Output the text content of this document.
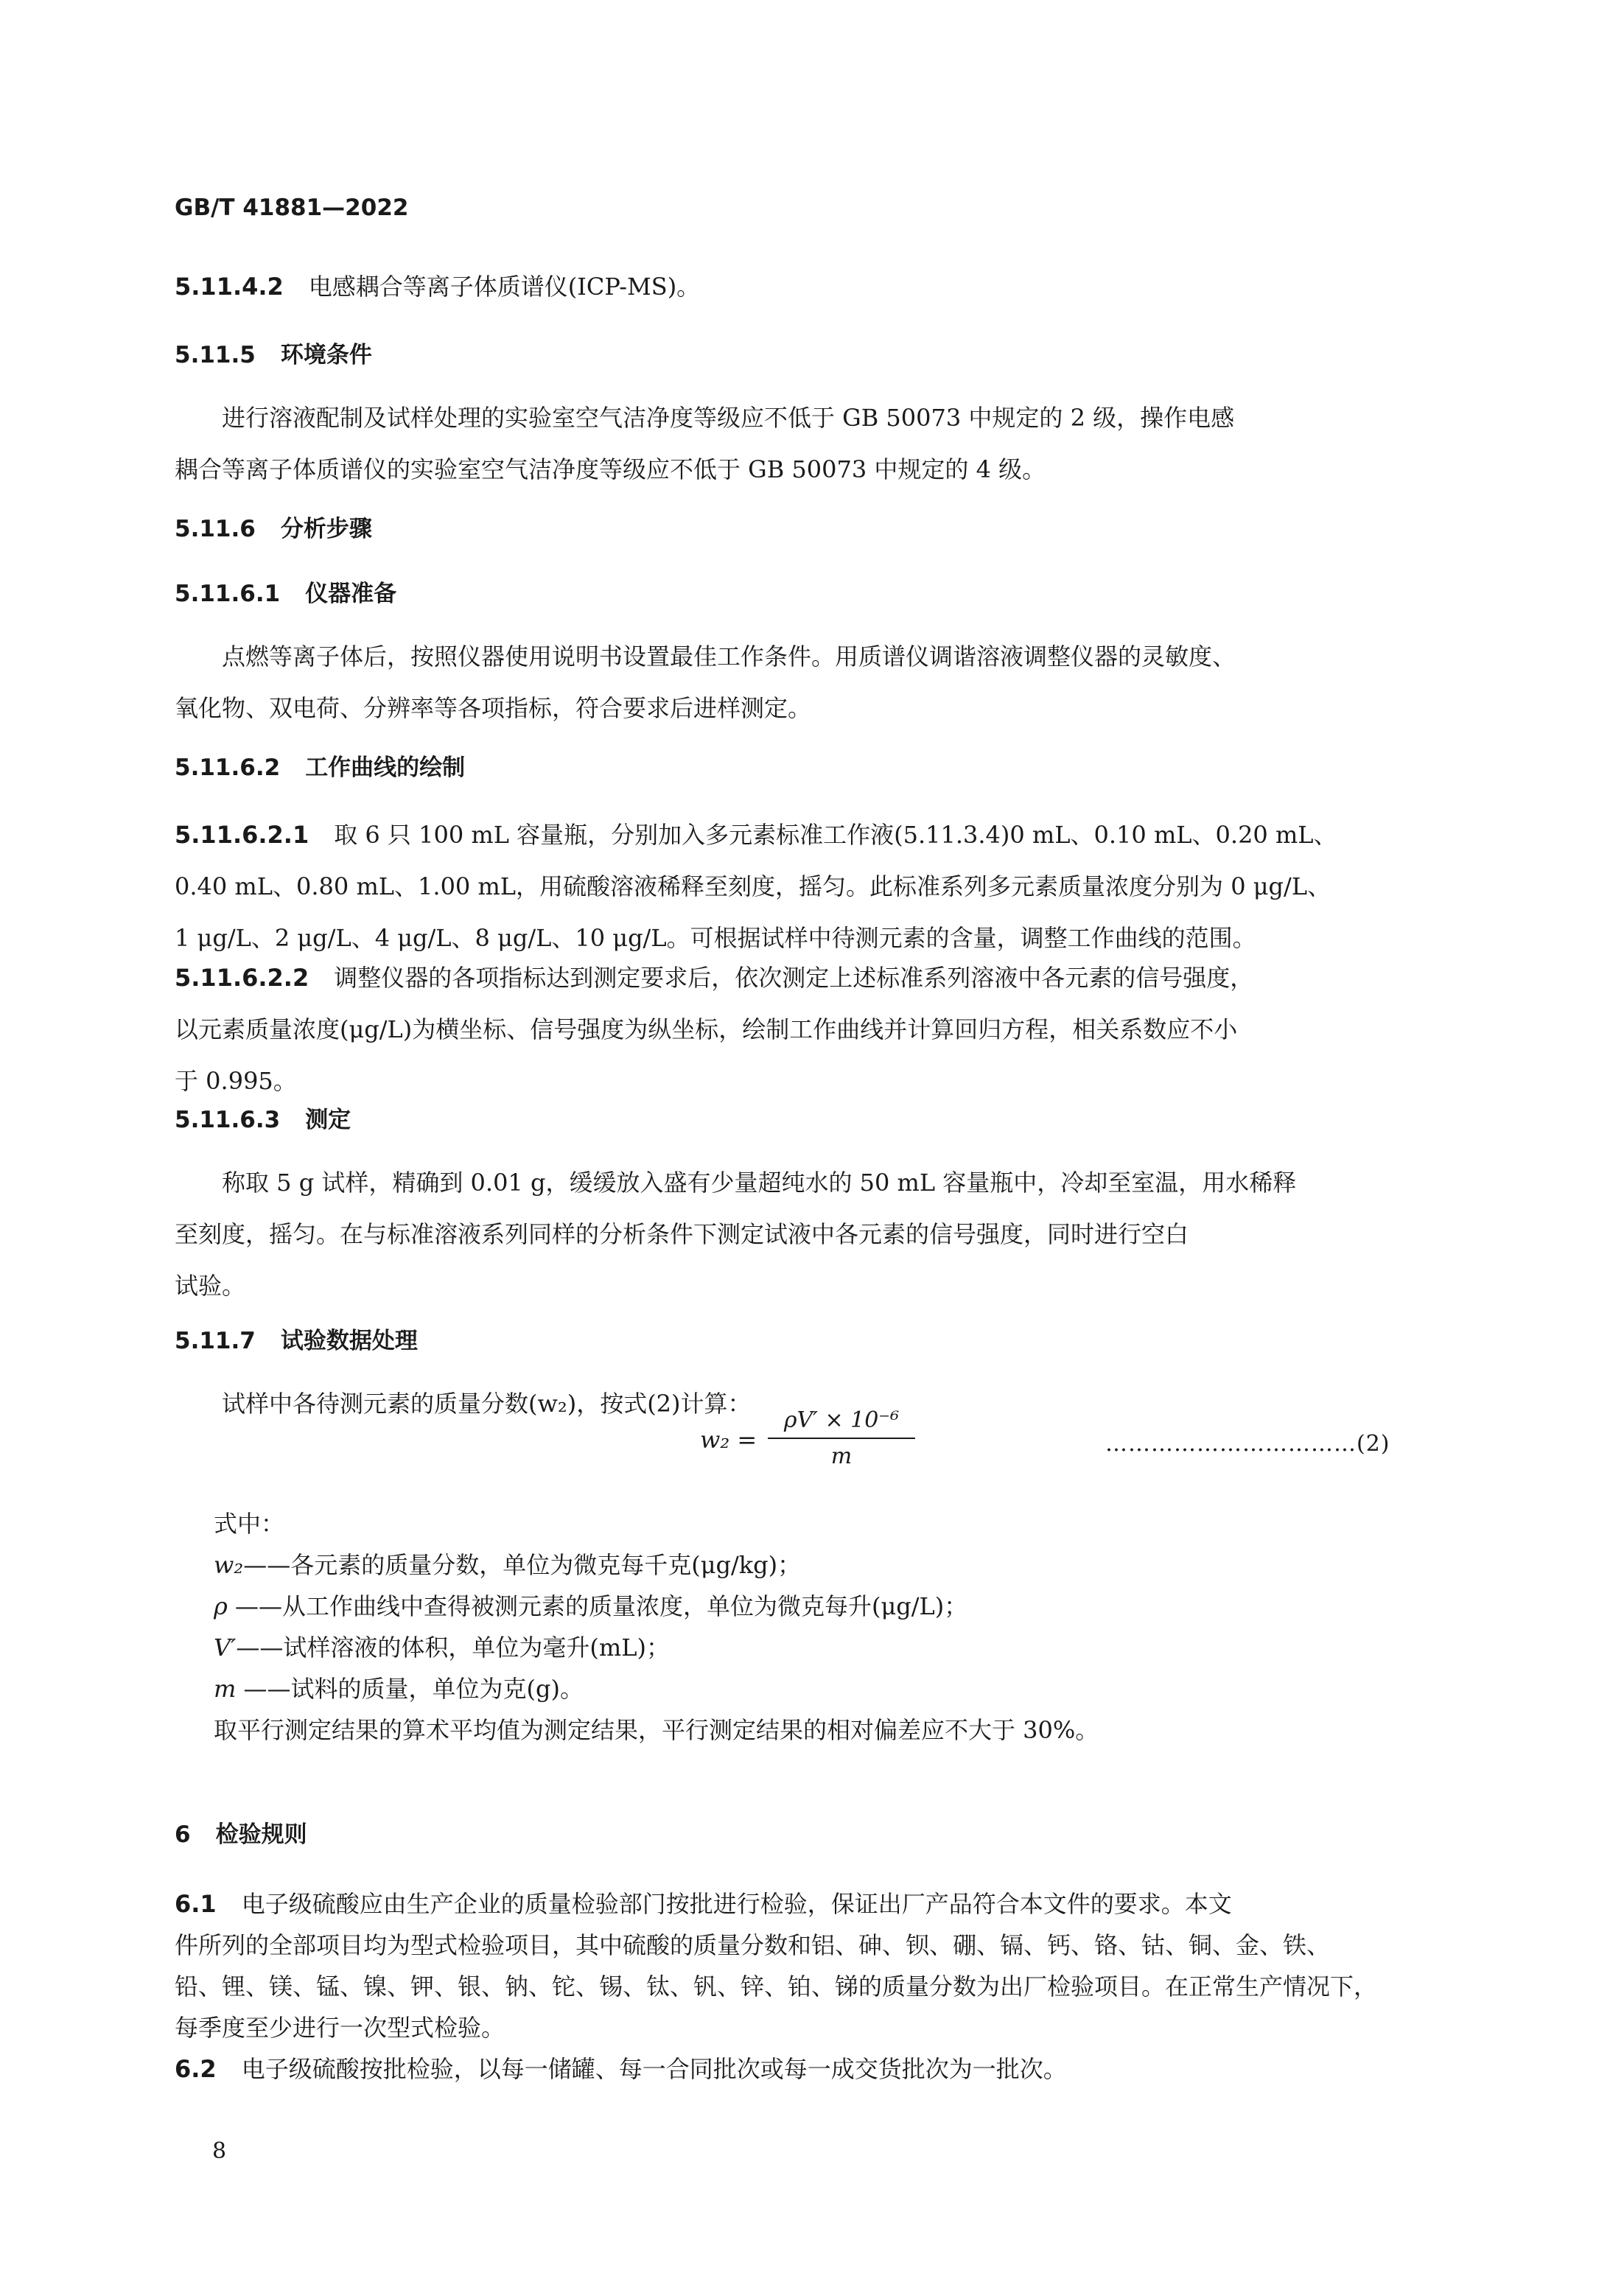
GB/T 41881—2022
5.11.4.2 电感耦合等离子体质谱仪(ICP-MS)。
5.11.5 环境条件
进行溶液配制及试样处理的实验室空气洁净度等级应不低于 GB 50073 中规定的 2 级，操作电感
耦合等离子体质谱仪的实验室空气洁净度等级应不低于 GB 50073 中规定的 4 级。
5.11.6 分析步骤
5.11.6.1 仪器准备
点燃等离子体后，按照仪器使用说明书设置最佳工作条件。用质谱仪调谐溶液调整仪器的灵敏度、
氧化物、双电荷、分辨率等各项指标，符合要求后进样测定。
5.11.6.2 工作曲线的绘制
5.11.6.2.1 取 6 只 100 mL 容量瓶，分别加入多元素标准工作液(5.11.3.4)0 mL、0.10 mL、0.20 mL、
0.40 mL、0.80 mL、1.00 mL，用硫酸溶液稀释至刻度，摇匀。此标准系列多元素质量浓度分别为 0 μg/L、
1 μg/L、2 μg/L、4 μg/L、8 μg/L、10 μg/L。可根据试样中待测元素的含量，调整工作曲线的范围。
5.11.6.2.2 调整仪器的各项指标达到测定要求后，依次测定上述标准系列溶液中各元素的信号强度，
以元素质量浓度(μg/L)为横坐标、信号强度为纵坐标，绘制工作曲线并计算回归方程，相关系数应不小
于 0.995。
5.11.6.3 测定
称取 5 g 试样，精确到 0.01 g，缓缓放入盛有少量超纯水的 50 mL 容量瓶中，冷却至室温，用水稀释
至刻度，摇匀。在与标准溶液系列同样的分析条件下测定试液中各元素的信号强度，同时进行空白
试验。
5.11.7 试验数据处理
试样中各待测元素的质量分数(w₂)，按式(2)计算：
w₂ =
ρV′ × 10⁻⁶
m	……………………………(2)
式中：
w₂——各元素的质量分数，单位为微克每千克(μg/kg)；
ρ ——从工作曲线中查得被测元素的质量浓度，单位为微克每升(μg/L)；
V′——试样溶液的体积，单位为毫升(mL)；
m ——试料的质量，单位为克(g)。
取平行测定结果的算术平均值为测定结果，平行测定结果的相对偏差应不大于 30%。
6 检验规则
6.1 电子级硫酸应由生产企业的质量检验部门按批进行检验，保证出厂产品符合本文件的要求。本文
件所列的全部项目均为型式检验项目，其中硫酸的质量分数和铝、砷、钡、硼、镉、钙、铬、钴、铜、金、铁、
铅、锂、镁、锰、镍、钾、银、钠、铊、锡、钛、钒、锌、铂、锑的质量分数为出厂检验项目。在正常生产情况下，
每季度至少进行一次型式检验。
6.2 电子级硫酸按批检验，以每一储罐、每一合同批次或每一成交货批次为一批次。
8
